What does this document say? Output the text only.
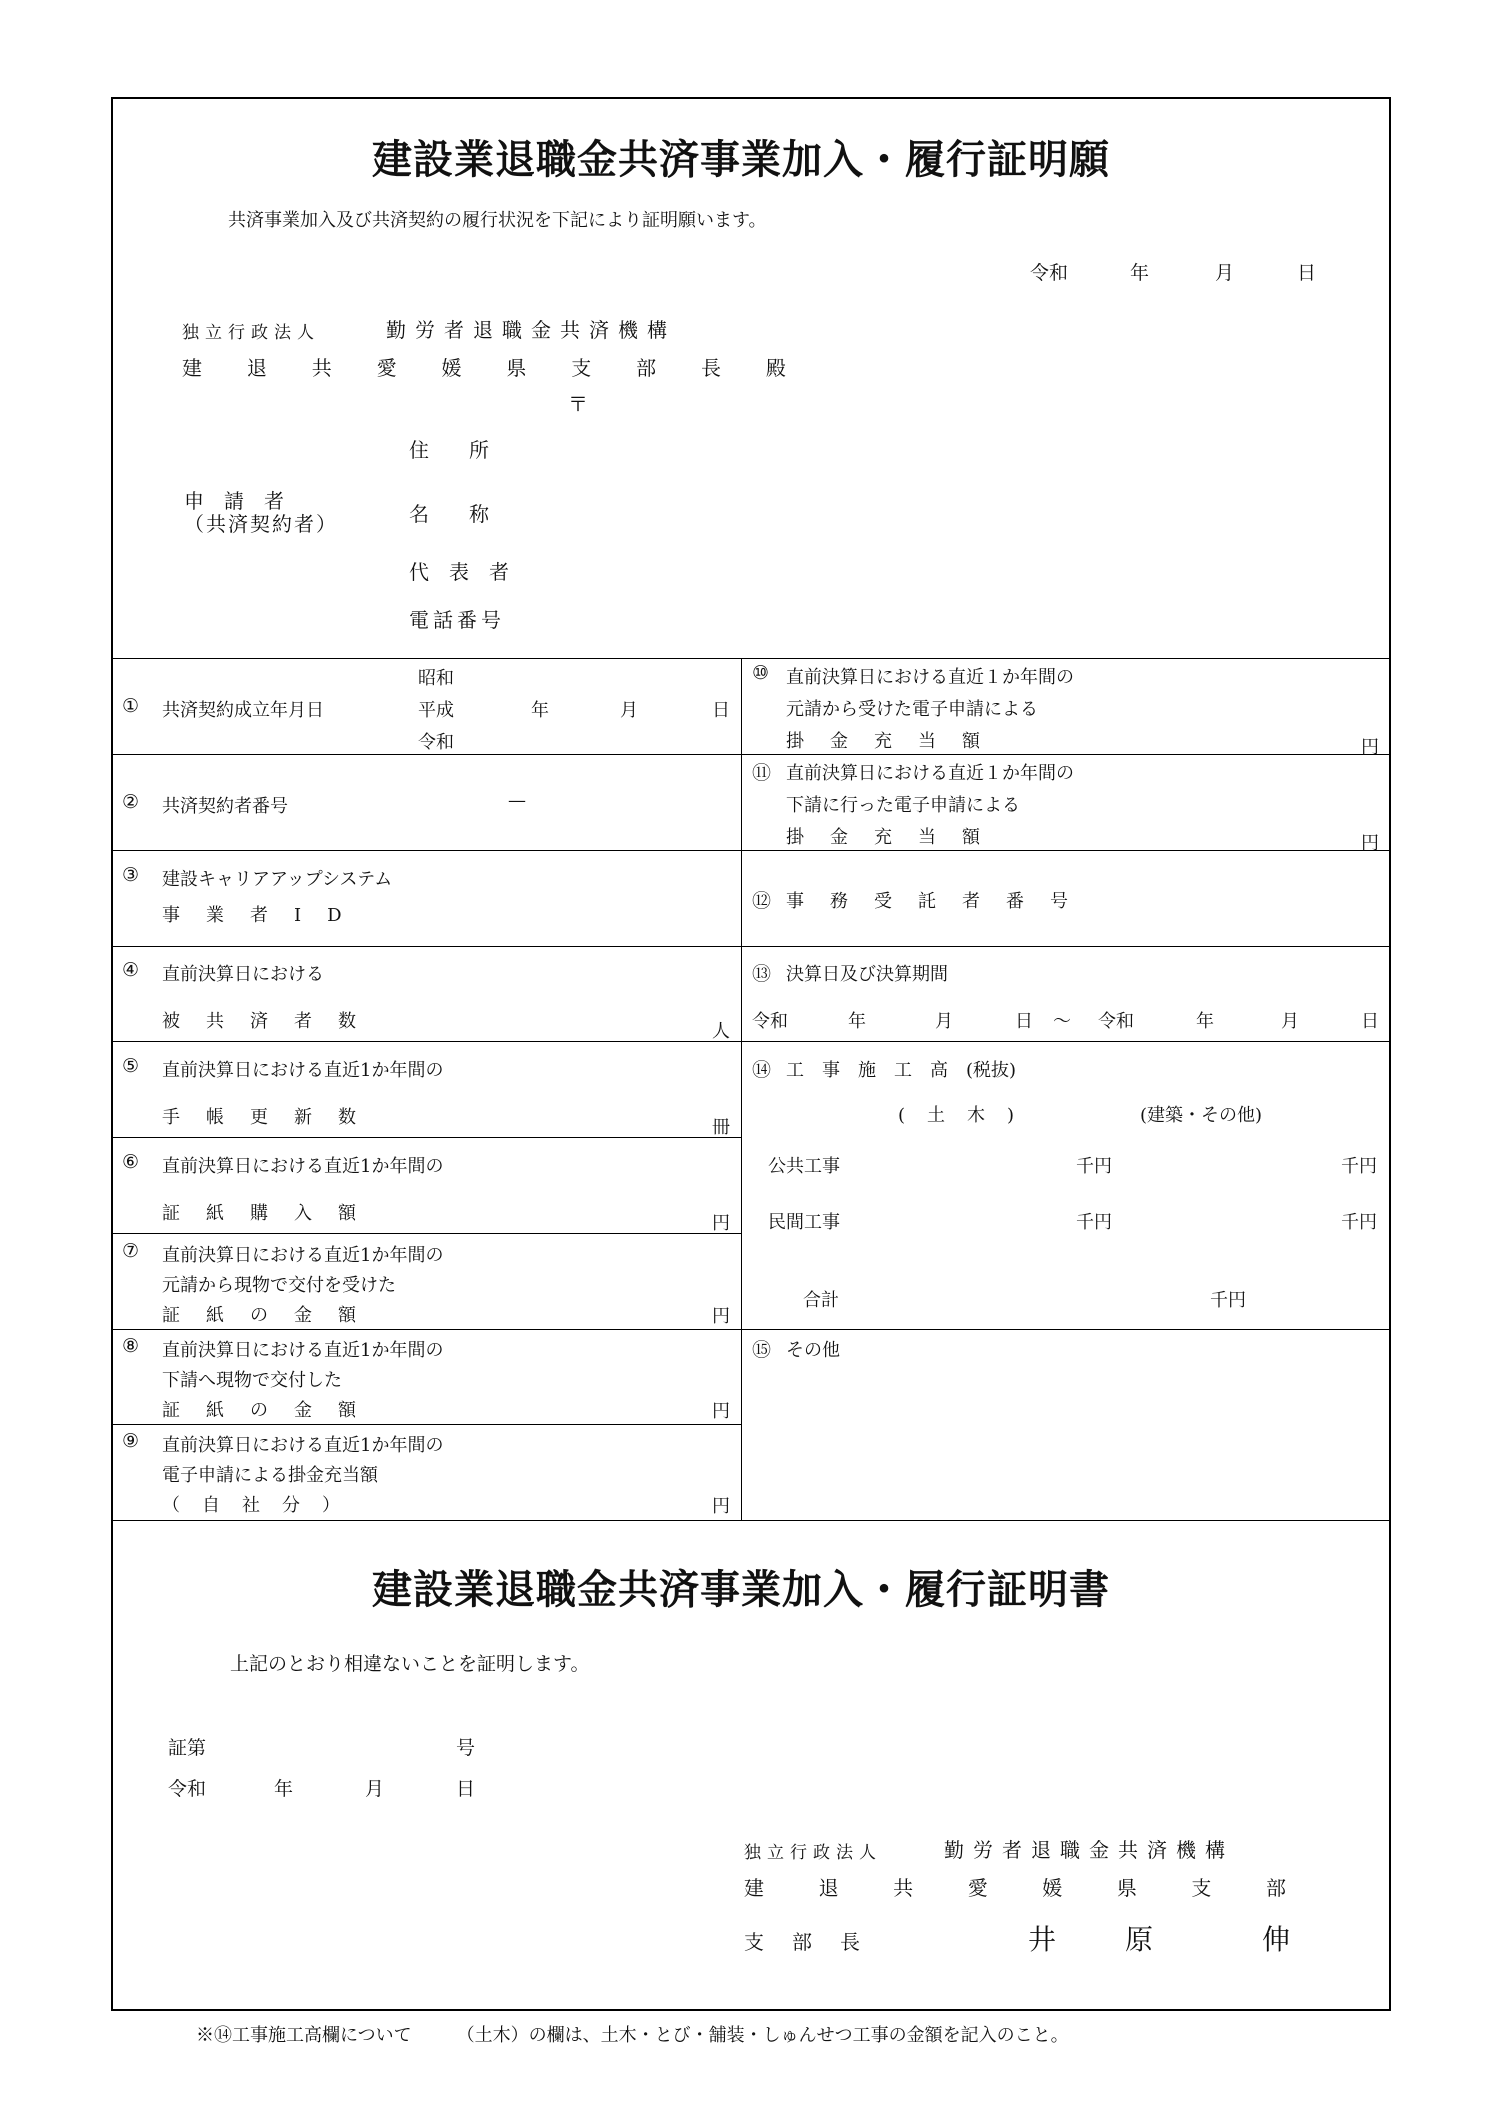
建設業退職金共済事業加入・履行証明願
共済事業加入及び共済契約の履行状況を下記により証明願います。
令和	年	月	日
独立行政法人	勤労者退職金共済機構
建 退 共 愛 媛 県 支 部 長 殿
〒
住　　所
申　請　者
（共済契約者）	名　　称
代　表　者
電話番号
① 共済契約成立年月日
昭和
平成
令和
年	月	日
② 共済契約者番号	—
③ 建設キャリアアップシステム
事　業　者　I　D
④ 直前決算日における
被　共　済　者　数	人
⑤ 直前決算日における直近1か年間の
手　帳　更　新　数	冊
⑥ 直前決算日における直近1か年間の
証　紙　購　入　額	円
⑦ 直前決算日における直近1か年間の
元請から現物で交付を受けた
証　紙　の　金　額	円
⑧ 直前決算日における直近1か年間の
下請へ現物で交付した
証　紙　の　金　額	円
⑨ 直前決算日における直近1か年間の
電子申請による掛金充当額
（　自　社　分　）	円
⑩ 直前決算日における直近１か年間の
元請から受けた電子申請による
掛　金　充　当　額	円
⑪ 直前決算日における直近１か年間の
下請に行った電子申請による
掛　金　充　当　額	円
⑫ 事　務　受　託　者　番　号
⑬ 決算日及び決算期間
令和	年	月	日 ～ 令和	年	月	日
⑭ 工　事　施　工　高　(税抜)
(　土　木　)	(建築・その他)
公共工事	千円	千円
民間工事	千円	千円
合計	千円
⑮ その他
建設業退職金共済事業加入・履行証明書
上記のとおり相違ないことを証明します。
証第	号
令和	年	月	日
独立行政法人	勤労者退職金共済機構
建	退	共	愛	媛	県	支	部
支　部　長	井 原	伸
※⑭工事施工高欄について　　　（土木）の欄は、土木・とび・舗装・しゅんせつ工事の金額を記入のこと。
